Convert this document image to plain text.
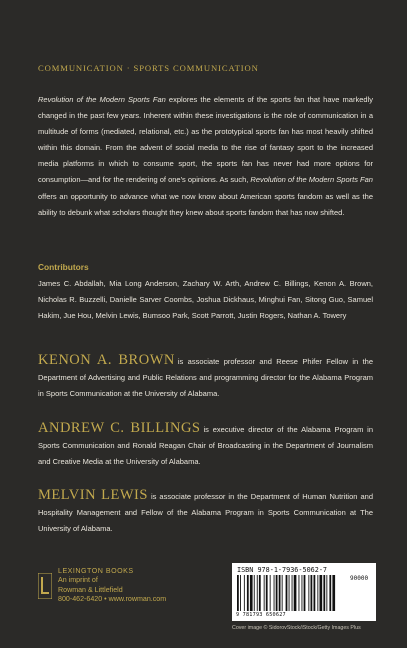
COMMUNICATION · SPORTS COMMUNICATION

Revolution of the Modern Sports Fan explores the elements of the sports fan that have markedly changed in the past few years. Inherent within these investigations is the role of communication in a multitude of forms (mediated, relational, etc.) as the prototypical sports fan has most heavily shifted within this domain. From the advent of social media to the rise of fantasy sport to the increased media platforms in which to consume sport, the sports fan has never had more options for consumption—and for the rendering of one's opinions. As such, Revolution of the Modern Sports Fan offers an opportunity to advance what we now know about American sports fandom as well as the ability to debunk what scholars thought they knew about sports fandom that has now shifted.

Contributors

James C. Abdallah, Mia Long Anderson, Zachary W. Arth, Andrew C. Billings, Kenon A. Brown, Nicholas R. Buzzelli, Danielle Sarver Coombs, Joshua Dickhaus, Minghui Fan, Sitong Guo, Samuel Hakim, Jue Hou, Melvin Lewis, Bumsoo Park, Scott Parrott, Justin Rogers, Nathan A. Towery

KENON A. BROWN is associate professor and Reese Phifer Fellow in the Department of Advertising and Public Relations and programming director for the Alabama Program in Sports Communication at the University of Alabama.

ANDREW C. BILLINGS is executive director of the Alabama Program in Sports Communication and Ronald Reagan Chair of Broadcasting in the Department of Journalism and Creative Media at the University of Alabama.

MELVIN LEWIS is associate professor in the Department of Human Nutrition and Hospitality Management and Fellow of the Alabama Program in Sports Communication at The University of Alabama.

LEXINGTON BOOKS
An imprint of
Rowman & Littlefield
800-462-6420 • www.rowman.com
ISBN 978-1-7936-5062-7
90000
9 781793 650627
Cover image © SidorovStock/iStock/Getty Images Plus
